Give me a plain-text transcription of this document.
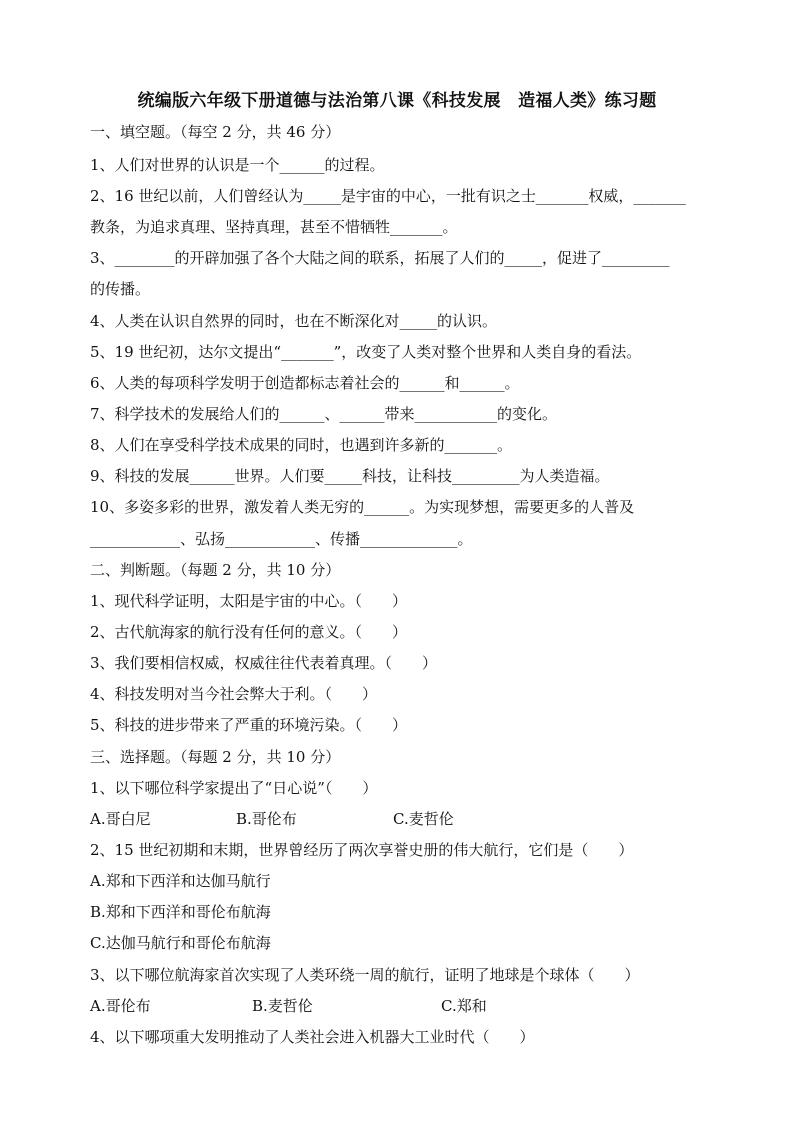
统编版六年级下册道德与法治第八课《科技发展　造福人类》练习题
一、填空题。（每空 2 分，共 46 分）
1、人们对世界的认识是一个______的过程。
2、16 世纪以前，人们曾经认为_____是宇宙的中心，一批有识之士_______权威，_______
教条，为追求真理、坚持真理，甚至不惜牺牲_______。
3、________的开辟加强了各个大陆之间的联系，拓展了人们的_____，促进了_________
的传播。
4、人类在认识自然界的同时，也在不断深化对_____的认识。
5、19 世纪初，达尔文提出“_______”，改变了人类对整个世界和人类自身的看法。
6、人类的每项科学发明于创造都标志着社会的______和______。
7、科学技术的发展给人们的______、______带来___________的变化。
8、人们在享受科学技术成果的同时，也遇到许多新的_______。
9、科技的发展______世界。人们要_____科技，让科技_________为人类造福。
10、多姿多彩的世界，激发着人类无穷的______。为实现梦想，需要更多的人普及
____________、弘扬____________、传播_____________。
二、判断题。（每题 2 分，共 10 分）
1、现代科学证明，太阳是宇宙的中心。（　　）
2、古代航海家的航行没有任何的意义。（　　）
3、我们要相信权威，权威往往代表着真理。（　　）
4、科技发明对当今社会弊大于利。（　　）
5、科技的进步带来了严重的环境污染。（　　）
三、选择题。（每题 2 分，共 10 分）
1、以下哪位科学家提出了“日心说”（　　）
A.哥白尼	B.哥伦布	C.麦哲伦
2、15 世纪初期和末期，世界曾经历了两次享誉史册的伟大航行，它们是（　　）
A.郑和下西洋和达伽马航行
B.郑和下西洋和哥伦布航海
C.达伽马航行和哥伦布航海
3、以下哪位航海家首次实现了人类环绕一周的航行，证明了地球是个球体（　　）
A.哥伦布	B.麦哲伦	C.郑和
4、以下哪项重大发明推动了人类社会进入机器大工业时代（　　）
